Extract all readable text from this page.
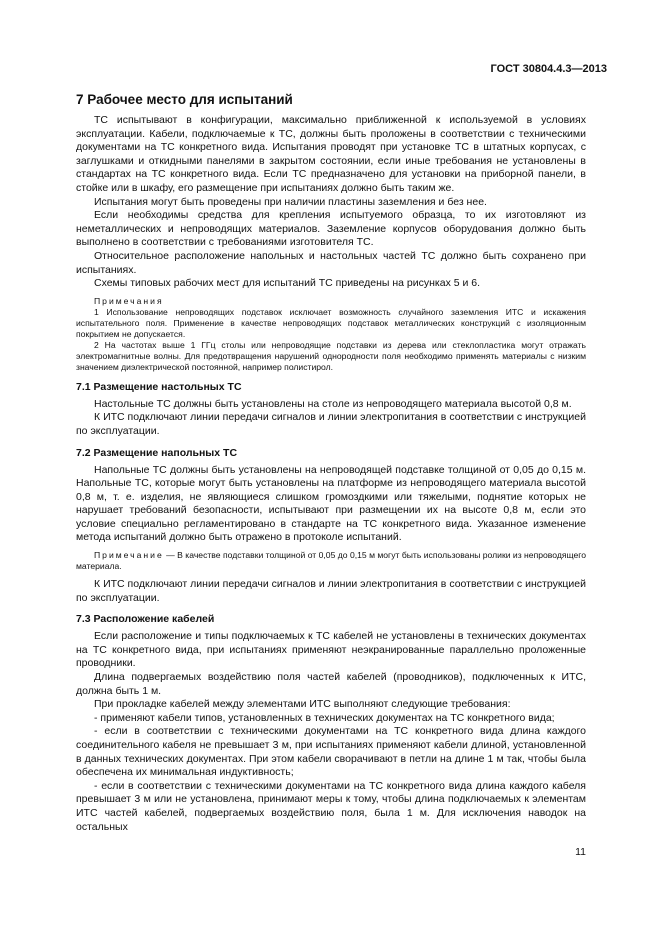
ГОСТ 30804.4.3—2013
7 Рабочее место для испытаний

ТС испытывают в конфигурации, максимально приближенной к используемой в условиях эксплуатации. Кабели, подключаемые к ТС, должны быть проложены в соответствии с техническими документами на ТС конкретного вида. Испытания проводят при установке ТС в штатных корпусах, с заглушками и откидными панелями в закрытом состоянии, если иные требования не установлены в стандартах на ТС конкретного вида. Если ТС предназначено для установки на приборной панели, в стойке или в шкафу, его размещение при испытаниях должно быть таким же.

Испытания могут быть проведены при наличии пластины заземления и без нее.

Если необходимы средства для крепления испытуемого образца, то их изготовляют из неметаллических и непроводящих материалов. Заземление корпусов оборудования должно быть выполнено в соответствии с требованиями изготовителя ТС.

Относительное расположение напольных и настольных частей ТС должно быть сохранено при испытаниях.

Схемы типовых рабочих мест для испытаний ТС приведены на рисунках 5 и 6.

Примечания

1 Использование непроводящих подставок исключает возможность случайного заземления ИТС и искажения испытательного поля. Применение в качестве непроводящих подставок металлических конструкций с изоляционным покрытием не допускается.

2 На частотах выше 1 ГГц столы или непроводящие подставки из дерева или стеклопластика могут отражать электромагнитные волны. Для предотвращения нарушений однородности поля необходимо применять материалы с низким значением диэлектрической постоянной, например полистирол.

7.1 Размещение настольных ТС

Настольные ТС должны быть установлены на столе из непроводящего материала высотой 0,8 м.

К ИТС подключают линии передачи сигналов и линии электропитания в соответствии с инструкцией по эксплуатации.

7.2 Размещение напольных ТС

Напольные ТС должны быть установлены на непроводящей подставке толщиной от 0,05 до 0,15 м. Напольные ТС, которые могут быть установлены на платформе из непроводящего материала высотой 0,8 м, т. е. изделия, не являющиеся слишком громоздкими или тяжелыми, поднятие которых не нарушает требований безопасности, испытывают при размещении их на высоте 0,8 м, если это условие специально регламентировано в стандарте на ТС конкретного вида. Указанное изменение метода испытаний должно быть отражено в протоколе испытаний.

Примечание — В качестве подставки толщиной от 0,05 до 0,15 м могут быть использованы ролики из непроводящего материала.

К ИТС подключают линии передачи сигналов и линии электропитания в соответствии с инструкцией по эксплуатации.

7.3 Расположение кабелей

Если расположение и типы подключаемых к ТС кабелей не установлены в технических документах на ТС конкретного вида, при испытаниях применяют неэкранированные параллельно проложенные проводники.

Длина подвергаемых воздействию поля частей кабелей (проводников), подключенных к ИТС, должна быть 1 м.

При прокладке кабелей между элементами ИТС выполняют следующие требования:

- применяют кабели типов, установленных в технических документах на ТС конкретного вида;

- если в соответствии с техническими документами на ТС конкретного вида длина каждого соединительного кабеля не превышает 3 м, при испытаниях применяют кабели длиной, установленной в данных технических документах. При этом кабели сворачивают в петли на длине 1 м так, чтобы была обеспечена их минимальная индуктивность;

- если в соответствии с техническими документами на ТС конкретного вида длина каждого кабеля превышает 3 м или не установлена, принимают меры к тому, чтобы длина подключаемых к элементам ИТС частей кабелей, подвергаемых воздействию поля, была 1 м. Для исключения наводок на остальных

11
